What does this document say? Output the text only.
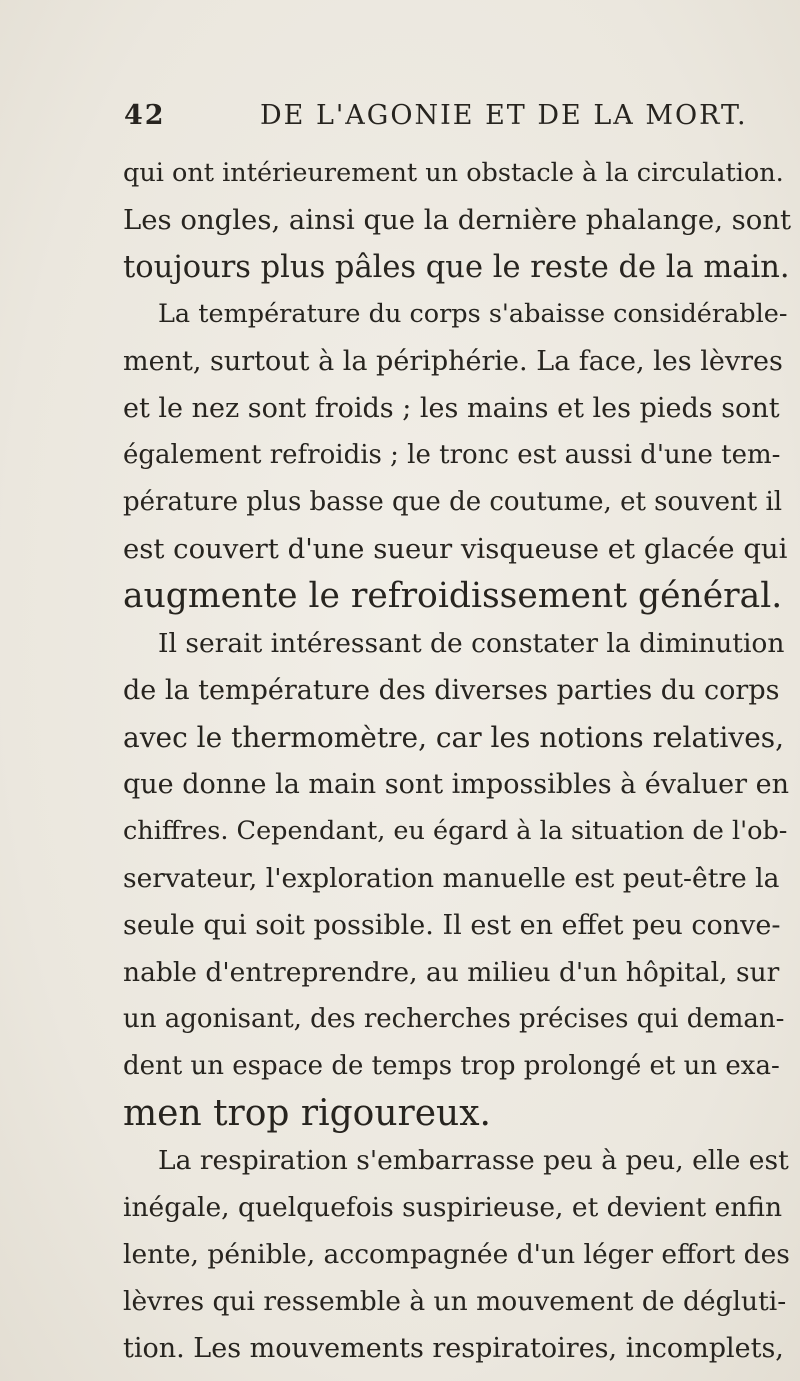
42	DE L'AGONIE ET DE LA MORT.
qui ont intérieurement un obstacle à la circulation.
Les ongles, ainsi que la dernière phalange, sont
toujours plus pâles que le reste de la main.
La température du corps s'abaisse considérable-
ment, surtout à la périphérie. La face, les lèvres
et le nez sont froids ; les mains et les pieds sont
également refroidis ; le tronc est aussi d'une tem-
pérature plus basse que de coutume, et souvent il
est couvert d'une sueur visqueuse et glacée qui
augmente le refroidissement général.
Il serait intéressant de constater la diminution
de la température des diverses parties du corps
avec le thermomètre, car les notions relatives,
que donne la main sont impossibles à évaluer en
chiffres. Cependant, eu égard à la situation de l'ob-
servateur, l'exploration manuelle est peut-être la
seule qui soit possible. Il est en effet peu conve-
nable d'entreprendre, au milieu d'un hôpital, sur
un agonisant, des recherches précises qui deman-
dent un espace de temps trop prolongé et un exa-
men trop rigoureux.
La respiration s'embarrasse peu à peu, elle est
inégale, quelquefois suspirieuse, et devient enfin
lente, pénible, accompagnée d'un léger effort des
lèvres qui ressemble à un mouvement de dégluti-
tion. Les mouvements respiratoires, incomplets,
